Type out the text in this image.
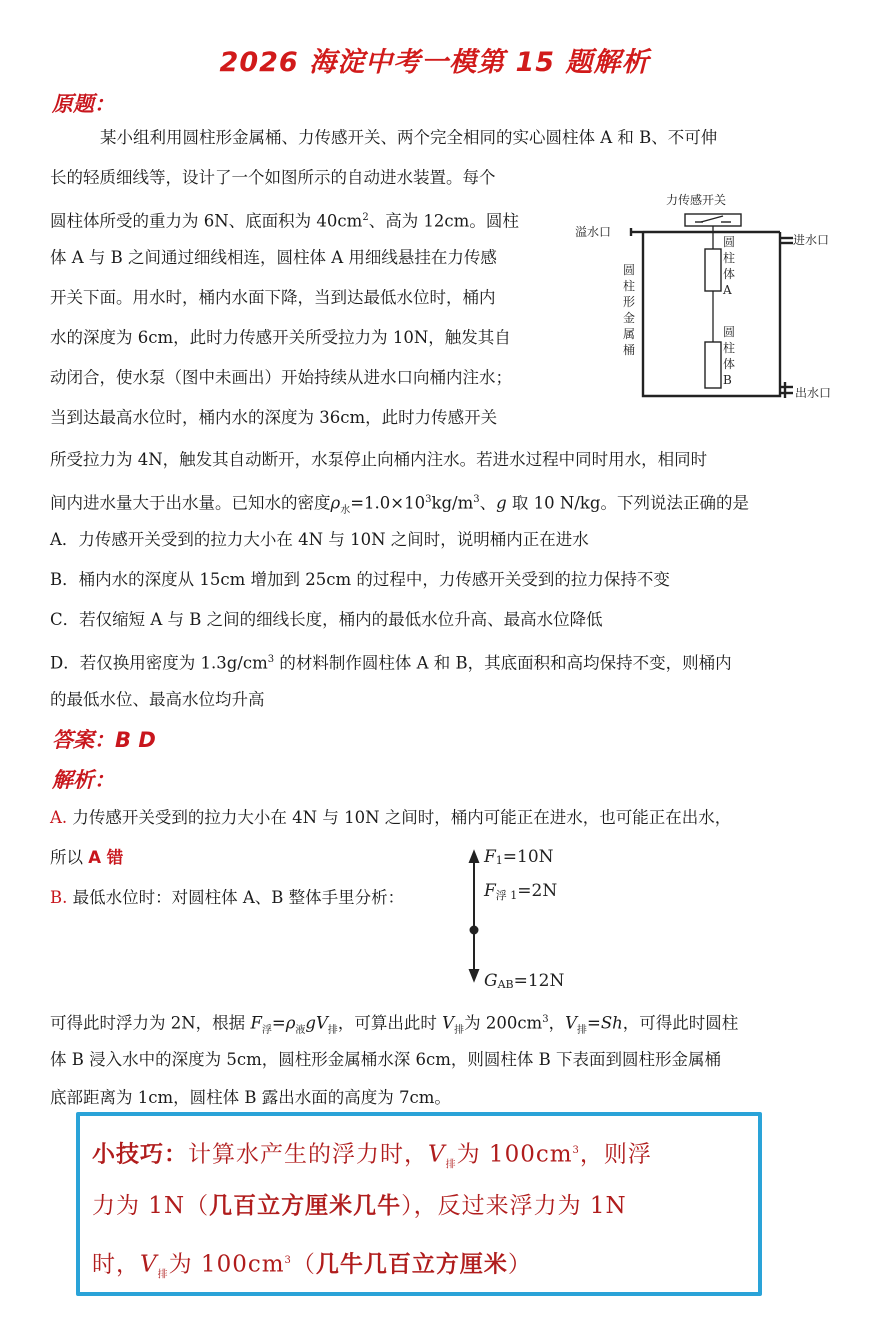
2026 海淀中考一模第 15 题解析
原题：
某小组利用圆柱形金属桶、力传感开关、两个完全相同的实心圆柱体 A 和 B、不可伸
长的轻质细线等，设计了一个如图所示的自动进水装置。每个
圆柱体所受的重力为 6N、底面积为 $40cm^2$、高为 12cm。圆柱
体 A 与 B 之间通过细线相连，圆柱体 A 用细线悬挂在力传感
开关下面。用水时，桶内水面下降，当到达最低水位时，桶内
水的深度为 6cm，此时力传感开关所受拉力为 10N，触发其自
动闭合，使水泵（图中未画出）开始持续从进水口向桶内注水；
当到达最高水位时，桶内水的深度为 36cm，此时力传感开关
所受拉力为 4N，触发其自动断开，水泵停止向桶内注水。若进水过程中同时用水，相同时
间内进水量大于出水量。已知水的密度$\rho_水=1.0\times 10^3kg/m^3$、g 取 10 N/kg。下列说法正确的是
A．力传感开关受到的拉力大小在 4N 与 10N 之间时，说明桶内正在进水
B．桶内水的深度从 15cm 增加到 25cm 的过程中，力传感开关受到的拉力保持不变
C．若仅缩短 A 与 B 之间的细线长度，桶内的最低水位升高、最高水位降低
D．若仅换用密度为 $1.3g/cm^3$ 的材料制作圆柱体 A 和 B，其底面积和高均保持不变，则桶内
的最低水位、最高水位均升高
力传感开关
溢水口
进水口
出水口
圆
柱
形
金
属
桶
圆
柱
体
A
圆
柱
体
B
答案：B D
解析：
A. 力传感开关受到的拉力大小在 4N 与 10N 之间时，桶内可能正在进水，也可能正在出水，
所以 A 错
B. 最低水位时：对圆柱体 A、B 整体手里分析：
F1=10N
F浮 1=2N
GAB=12N
可得此时浮力为 2N，根据 $F_浮=\rho_液gV_排$，可算出此时 $V_排$为 $200cm^3$，$V_排=Sh$，可得此时圆柱
体 B 浸入水中的深度为 5cm，圆柱形金属桶水深 6cm，则圆柱体 B 下表面到圆柱形金属桶
底部距离为 1cm，圆柱体 B 露出水面的高度为 7cm。
小技巧：计算水产生的浮力时，$V_排$为 $100cm^3$，则浮
力为 1N（几百立方厘米几牛），反过来浮力为 1N
时，$V_排$为 $100cm^3$（几牛几百立方厘米）
